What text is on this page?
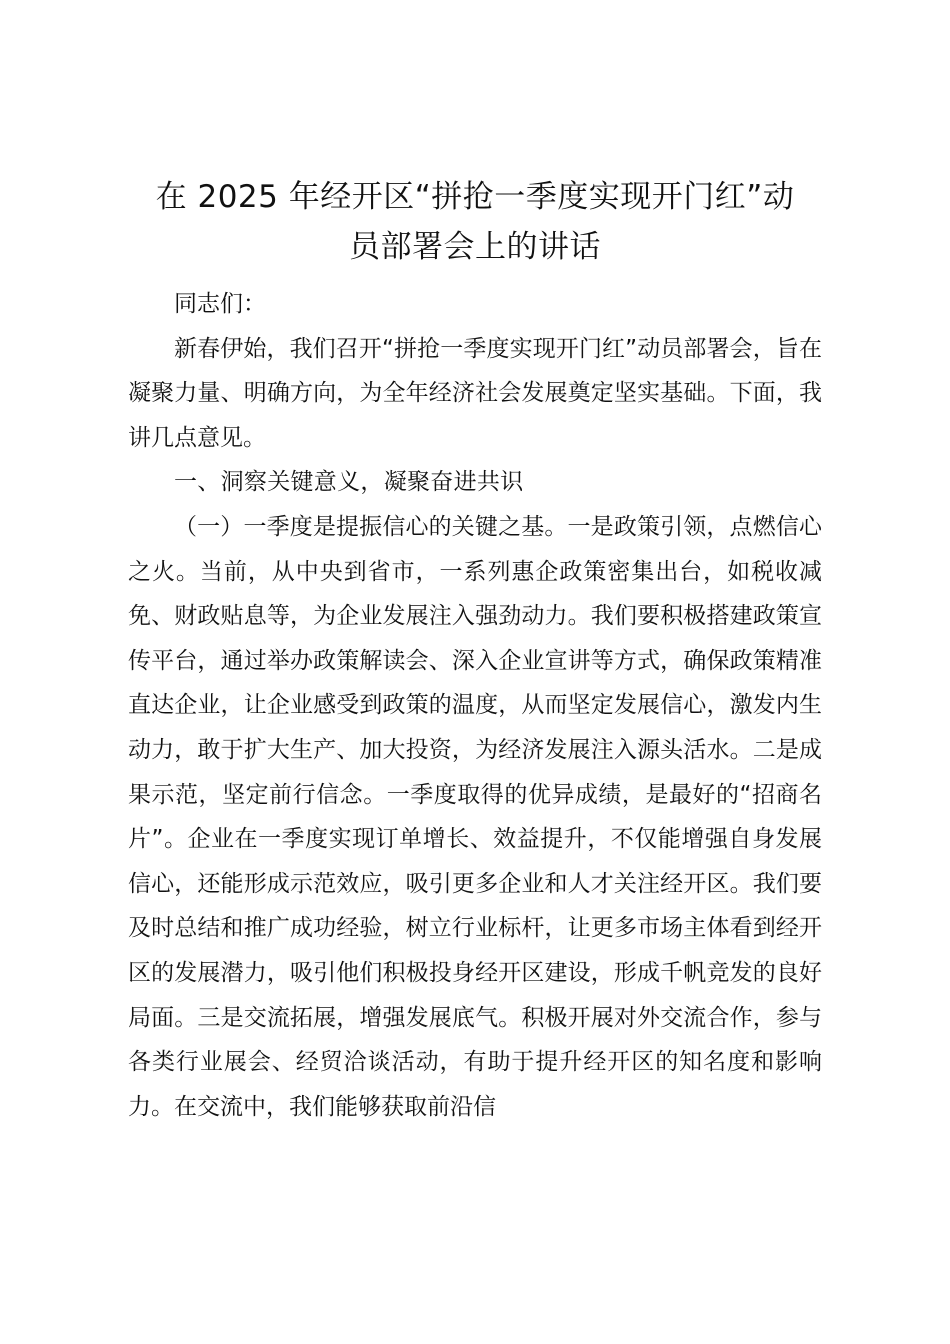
在 2025 年经开区“拼抢一季度实现开门红”动
员部署会上的讲话

同志们：

新春伊始，我们召开“拼抢一季度实现开门红”动员部署会，旨在凝聚力量、明确方向，为全年经济社会发展奠定坚实基础。下面，我讲几点意见。

一、洞察关键意义，凝聚奋进共识

（一）一季度是提振信心的关键之基。一是政策引领，点燃信心之火。当前，从中央到省市，一系列惠企政策密集出台，如税收减免、财政贴息等，为企业发展注入强劲动力。我们要积极搭建政策宣传平台，通过举办政策解读会、深入企业宣讲等方式，确保政策精准直达企业，让企业感受到政策的温度，从而坚定发展信心，激发内生动力，敢于扩大生产、加大投资，为经济发展注入源头活水。二是成果示范，坚定前行信念。一季度取得的优异成绩，是最好的“招商名片”。企业在一季度实现订单增长、效益提升，不仅能增强自身发展信心，还能形成示范效应，吸引更多企业和人才关注经开区。我们要及时总结和推广成功经验，树立行业标杆，让更多市场主体看到经开区的发展潜力，吸引他们积极投身经开区建设，形成千帆竞发的良好局面。三是交流拓展，增强发展底气。积极开展对外交流合作，参与各类行业展会、经贸洽谈活动，有助于提升经开区的知名度和影响力。在交流中，我们能够获取前沿信
